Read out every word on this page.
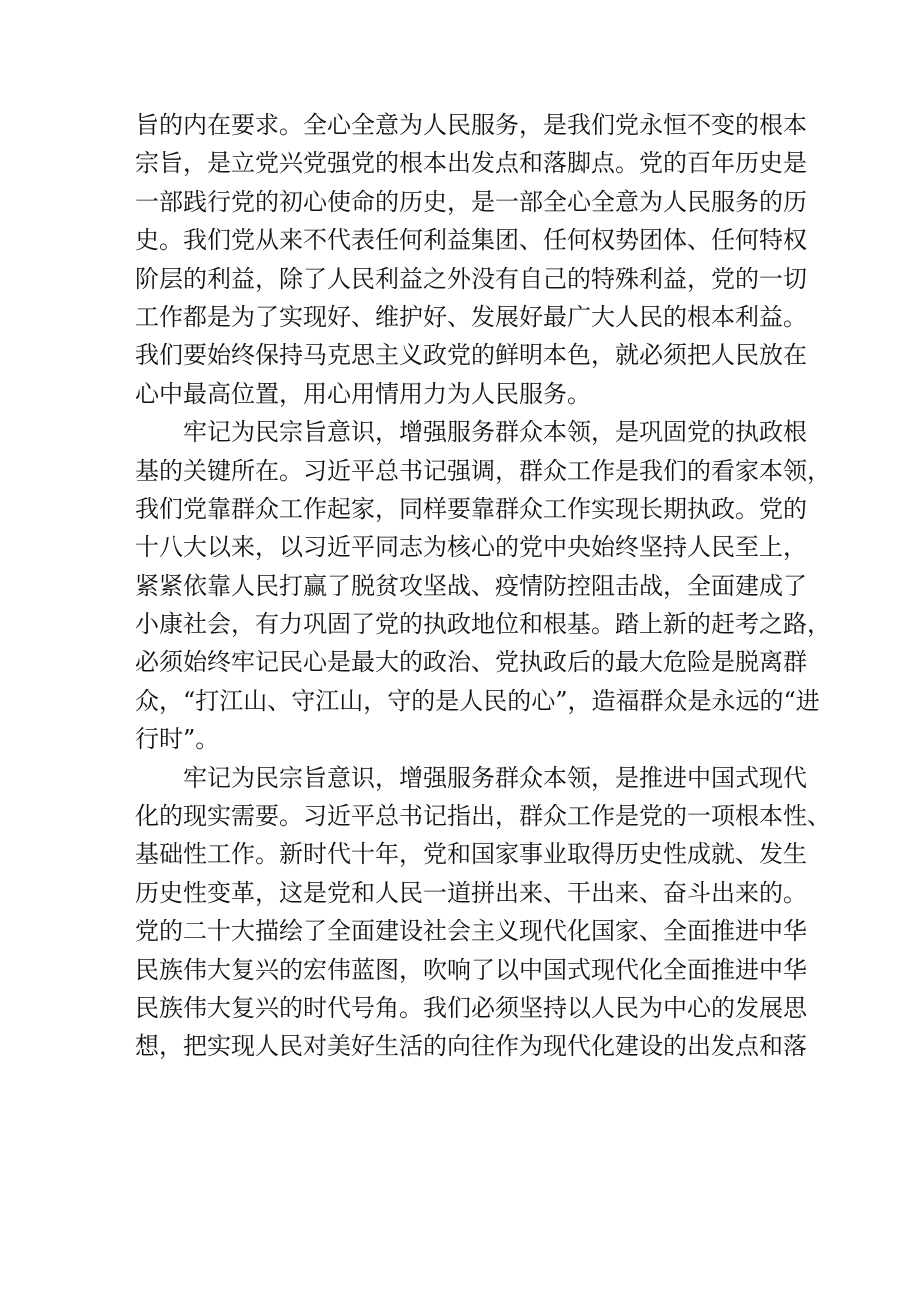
旨的内在要求。全心全意为人民服务，是我们党永恒不变的根本
宗旨，是立党兴党强党的根本出发点和落脚点。党的百年历史是
一部践行党的初心使命的历史，是一部全心全意为人民服务的历
史。我们党从来不代表任何利益集团、任何权势团体、任何特权
阶层的利益，除了人民利益之外没有自己的特殊利益，党的一切
工作都是为了实现好、维护好、发展好最广大人民的根本利益。
我们要始终保持马克思主义政党的鲜明本色，就必须把人民放在
心中最高位置，用心用情用力为人民服务。
牢记为民宗旨意识，增强服务群众本领，是巩固党的执政根
基的关键所在。习近平总书记强调，群众工作是我们的看家本领，
我们党靠群众工作起家，同样要靠群众工作实现长期执政。党的
十八大以来，以习近平同志为核心的党中央始终坚持人民至上，
紧紧依靠人民打赢了脱贫攻坚战、疫情防控阻击战，全面建成了
小康社会，有力巩固了党的执政地位和根基。踏上新的赶考之路，
必须始终牢记民心是最大的政治、党执政后的最大危险是脱离群
众，“打江山、守江山，守的是人民的心”，造福群众是永远的“进
行时”。
牢记为民宗旨意识，增强服务群众本领，是推进中国式现代
化的现实需要。习近平总书记指出，群众工作是党的一项根本性、
基础性工作。新时代十年，党和国家事业取得历史性成就、发生
历史性变革，这是党和人民一道拼出来、干出来、奋斗出来的。
党的二十大描绘了全面建设社会主义现代化国家、全面推进中华
民族伟大复兴的宏伟蓝图，吹响了以中国式现代化全面推进中华
民族伟大复兴的时代号角。我们必须坚持以人民为中心的发展思
想，把实现人民对美好生活的向往作为现代化建设的出发点和落
